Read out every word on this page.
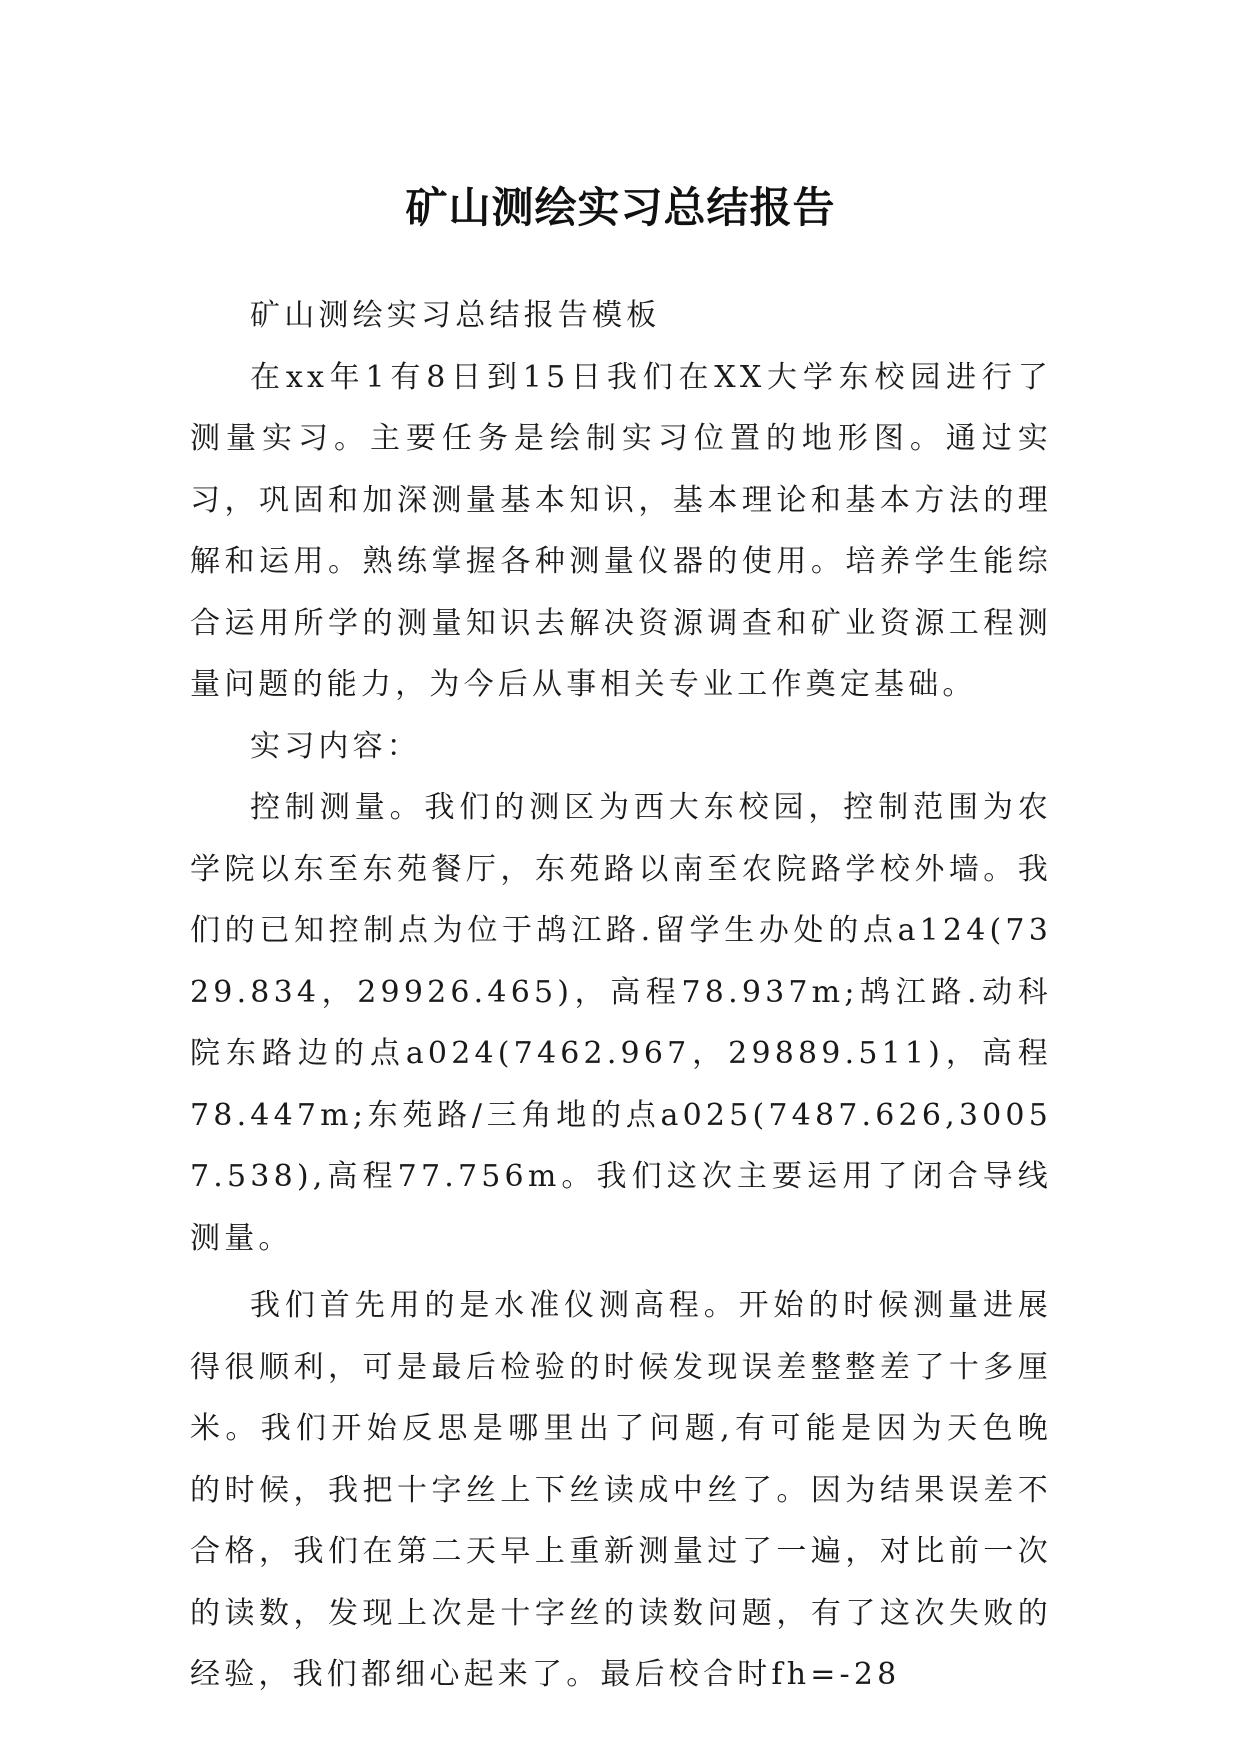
矿山测绘实习总结报告

矿山测绘实习总结报告模板

在xx年1有8日到15日我们在XX大学东校园进行了测量实习。主要任务是绘制实习位置的地形图。通过实习，巩固和加深测量基本知识，基本理论和基本方法的理解和运用。熟练掌握各种测量仪器的使用。培养学生能综合运用所学的测量知识去解决资源调查和矿业资源工程测量问题的能力，为今后从事相关专业工作奠定基础。

实习内容：

控制测量。我们的测区为西大东校园，控制范围为农学院以东至东苑餐厅，东苑路以南至农院路学校外墙。我们的已知控制点为位于鸪江路.留学生办处的点a124(7329.834，29926.465)，高程78.937m;鸪江路.动科院东路边的点a024(7462.967，29889.511)，高程78.447m;东苑路/三角地的点a025(7487.626,30057.538),高程77.756m。我们这次主要运用了闭合导线测量。

我们首先用的是水准仪测高程。开始的时候测量进展得很顺利，可是最后检验的时候发现误差整整差了十多厘米。我们开始反思是哪里出了问题,有可能是因为天色晚的时候，我把十字丝上下丝读成中丝了。因为结果误差不合格，我们在第二天早上重新测量过了一遍，对比前一次的读数，发现上次是十字丝的读数问题，有了这次失败的经验，我们都细心起来了。最后校合时fh=-28
